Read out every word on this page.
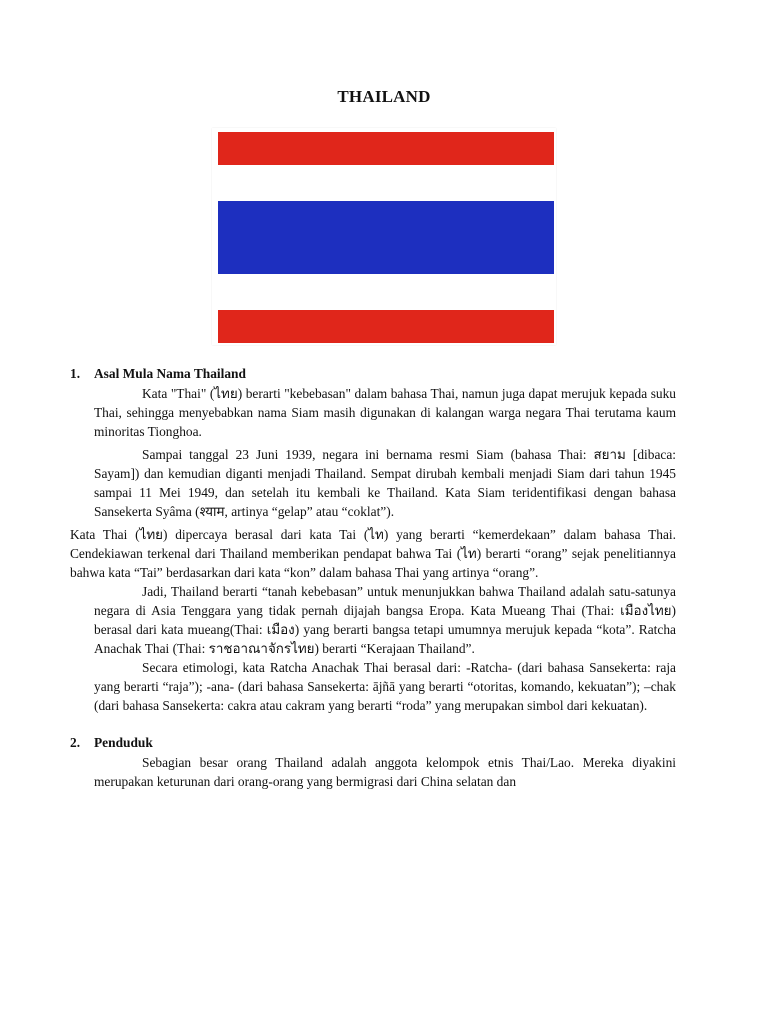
THAILAND
1.	Asal Mula Nama Thailand

Kata "Thai" (ไทย) berarti "kebebasan" dalam bahasa Thai, namun juga dapat merujuk kepada suku Thai, sehingga menyebabkan nama Siam masih digunakan di kalangan warga negara Thai terutama kaum minoritas Tionghoa.

Sampai tanggal 23 Juni 1939, negara ini bernama resmi Siam (bahasa Thai: สยาม [dibaca: Sayam]) dan kemudian diganti menjadi Thailand. Sempat dirubah kembali menjadi Siam dari tahun 1945 sampai 11 Mei 1949, dan setelah itu kembali ke Thailand. Kata Siam teridentifikasi dengan bahasa Sansekerta Syâma (श्याम, artinya “gelap” atau “coklat”).

Kata Thai (ไทย) dipercaya berasal dari kata Tai (ไท) yang berarti “kemerdekaan” dalam bahasa Thai. Cendekiawan terkenal dari Thailand memberikan pendapat bahwa Tai (ไท) berarti “orang” sejak penelitiannya bahwa kata “Tai” berdasarkan dari kata “kon” dalam bahasa Thai yang artinya “orang”.

Jadi, Thailand berarti “tanah kebebasan” untuk menunjukkan bahwa Thailand adalah satu-satunya negara di Asia Tenggara yang tidak pernah dijajah bangsa Eropa. Kata Mueang Thai (Thai: เมืองไทย) berasal dari kata mueang(Thai: เมือง) yang berarti bangsa tetapi umumnya merujuk kepada “kota”. Ratcha Anachak Thai (Thai: ราชอาณาจักรไทย) berarti “Kerajaan Thailand”.

Secara etimologi, kata Ratcha Anachak Thai berasal dari: -Ratcha- (dari bahasa Sansekerta: raja yang berarti “raja”); -ana- (dari bahasa Sansekerta: ājñā yang berarti “otoritas, komando, kekuatan”); –chak (dari bahasa Sansekerta: cakra atau cakram yang berarti “roda” yang merupakan simbol dari kekuatan).

2.	Penduduk

Sebagian besar orang Thailand adalah anggota kelompok etnis Thai/Lao. Mereka diyakini merupakan keturunan dari orang-orang yang bermigrasi dari China selatan dan
